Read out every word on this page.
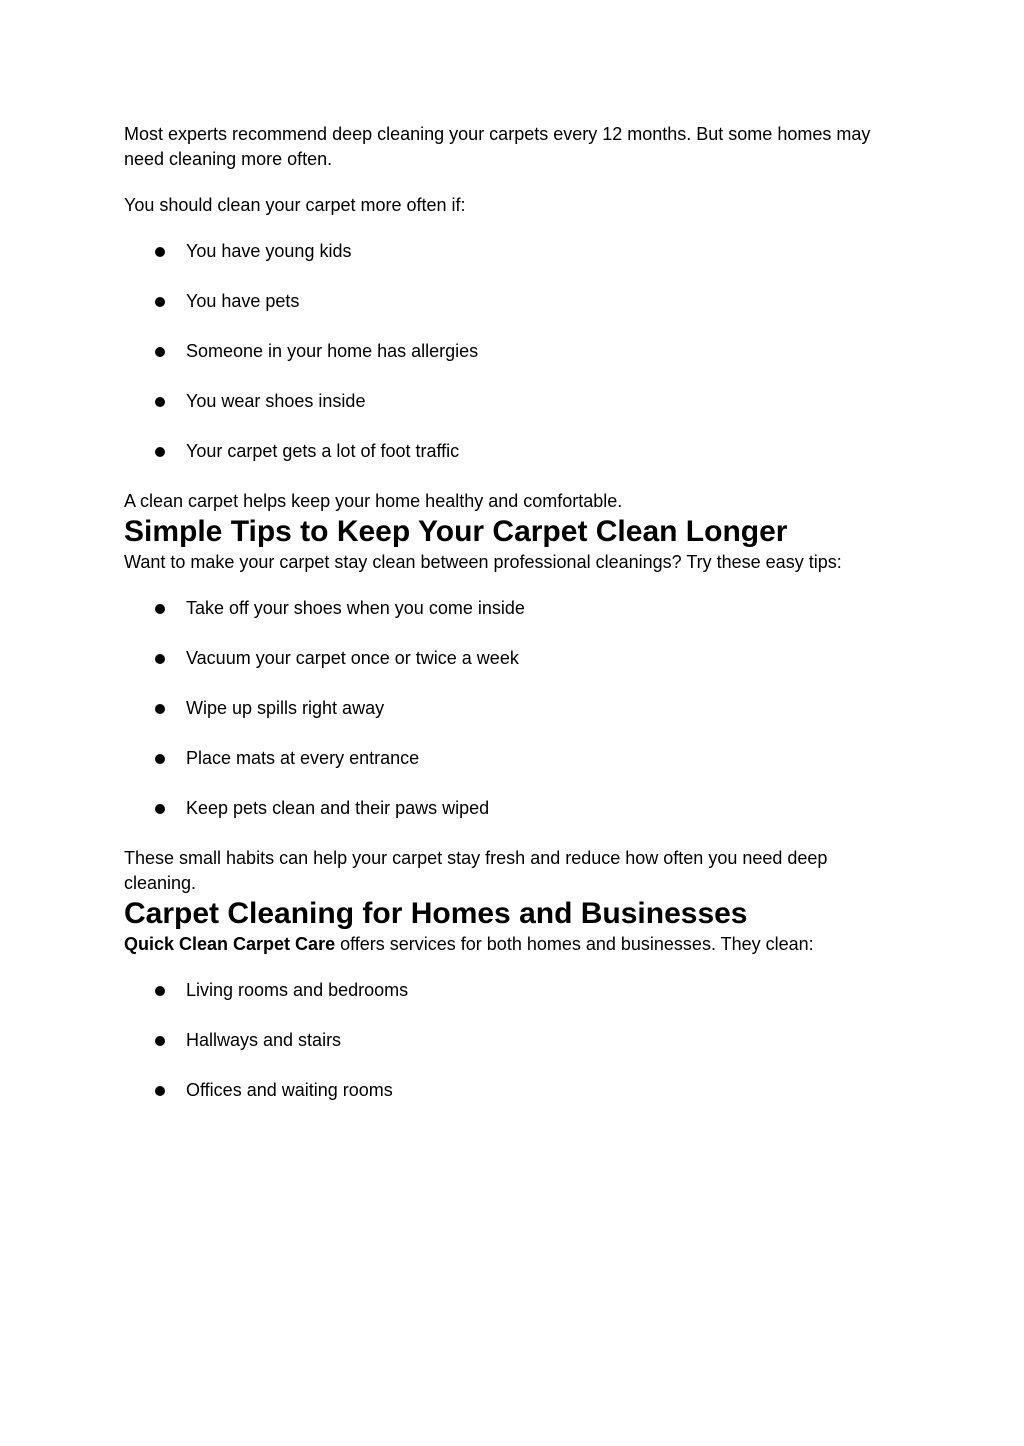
Most experts recommend deep cleaning your carpets every 12 months. But some homes may need cleaning more often.

You should clean your carpet more often if:

You have young kids
You have pets
Someone in your home has allergies
You wear shoes inside
Your carpet gets a lot of foot traffic

A clean carpet helps keep your home healthy and comfortable.

Simple Tips to Keep Your Carpet Clean Longer

Want to make your carpet stay clean between professional cleanings? Try these easy tips:

Take off your shoes when you come inside
Vacuum your carpet once or twice a week
Wipe up spills right away
Place mats at every entrance
Keep pets clean and their paws wiped

These small habits can help your carpet stay fresh and reduce how often you need deep cleaning.

Carpet Cleaning for Homes and Businesses

Quick Clean Carpet Care offers services for both homes and businesses. They clean:

Living rooms and bedrooms
Hallways and stairs
Offices and waiting rooms
